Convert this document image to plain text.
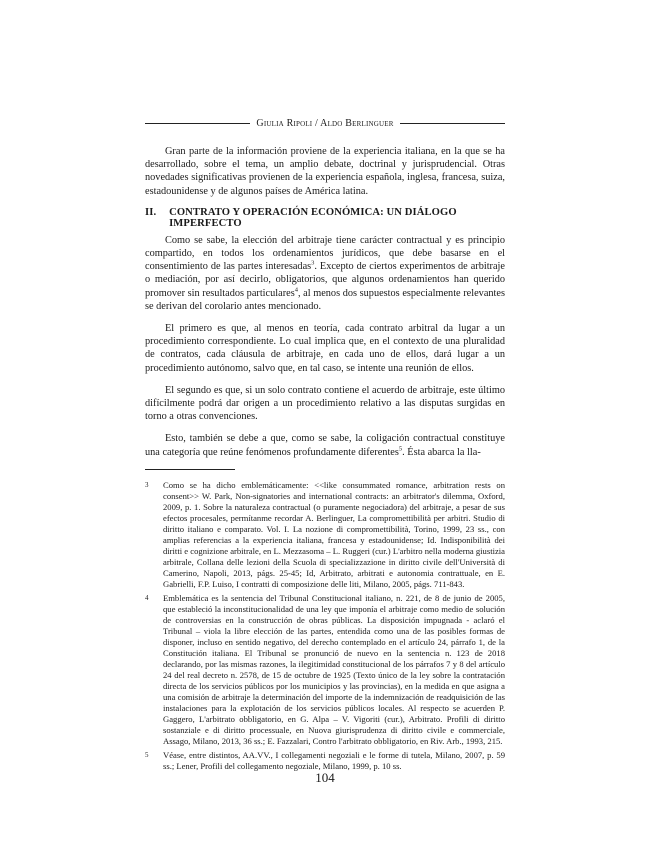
Giulia Ripoli / Aldo Berlinguer

Gran parte de la información proviene de la experiencia italiana, en la que se ha desarrollado, sobre el tema, un amplio debate, doctrinal y jurisprudencial. Otras novedades significativas provienen de la experiencia española, inglesa, francesa, suiza, estadounidense y de algunos países de América latina.

II.	CONTRATO Y OPERACIÓN ECONÓMICA: UN DIÁLOGO IMPERFECTO

Como se sabe, la elección del arbitraje tiene carácter contractual y es principio compartido, en todos los ordenamientos jurídicos, que debe basarse en el consentimiento de las partes interesadas$^3$. Excepto de ciertos experimentos de arbitraje o mediación, por así decirlo, obligatorios, que algunos ordenamientos han querido promover sin resultados particulares$^4$, al menos dos supuestos especialmente relevantes se derivan del corolario antes mencionado.

El primero es que, al menos en teoría, cada contrato arbitral da lugar a un procedimiento correspondiente. Lo cual implica que, en el contexto de una pluralidad de contratos, cada cláusula de arbitraje, en cada uno de ellos, dará lugar a un procedimiento autónomo, salvo que, en tal caso, se intente una reunión de ellos.

El segundo es que, si un solo contrato contiene el acuerdo de arbitraje, este último difícilmente podrá dar origen a un procedimiento relativo a las disputas surgidas en torno a otras convenciones.

Esto, también se debe a que, como se sabe, la coligación contractual constituye una categoría que reúne fenómenos profundamente diferentes$^5$. Ésta abarca la lla-

3	Como se ha dicho emblemáticamente: <<like consummated romance, arbitration rests on consent>> W. Park, Non-signatories and international contracts: an arbitrator's dilemma, Oxford, 2009, p. 1. Sobre la naturaleza contractual (o puramente negociadora) del arbitraje, a pesar de sus efectos procesales, permítanme recordar A. Berlinguer, La compromettibilità per arbitri. Studio di diritto italiano e comparato. Vol. I. La nozione di compromettibilità, Torino, 1999, 23 ss., con amplias referencias a la experiencia italiana, francesa y estadounidense; Id. Indisponibilità dei diritti e cognizione arbitrale, en L. Mezzasoma – L. Ruggeri (cur.) L'arbitro nella moderna giustizia arbitrale, Collana delle lezioni della Scuola di specializzazione in diritto civile dell'Università di Camerino, Napoli, 2013, págs. 25-45; Id, Arbitrato, arbitrati e autonomia contrattuale, en E. Gabrielli, F.P. Luiso, I contratti di composizione delle liti, Milano, 2005, págs. 711-843.
4	Emblemática es la sentencia del Tribunal Constitucional italiano, n. 221, de 8 de junio de 2005, que estableció la inconstitucionalidad de una ley que imponía el arbitraje como medio de solución de controversias en la construcción de obras públicas. La disposición impugnada - aclaró el Tribunal – viola la libre elección de las partes, entendida como una de las posibles formas de disponer, incluso en sentido negativo, del derecho contemplado en el artículo 24, párrafo 1, de la Constitución italiana. El Tribunal se pronunció de nuevo en la sentencia n. 123 de 2018 declarando, por las mismas razones, la ilegitimidad constitucional de los párrafos 7 y 8 del artículo 24 del real decreto n. 2578, de 15 de octubre de 1925 (Texto único de la ley sobre la contratación directa de los servicios públicos por los municipios y las provincias), en la medida en que asigna a una comisión de arbitraje la determinación del importe de la indemnización de readquisición de las instalaciones para la explotación de los servicios públicos locales. Al respecto se acuerden P. Gaggero, L'arbitrato obbligatorio, en G. Alpa – V. Vigoriti (cur.), Arbitrato. Profili di diritto sostanziale e di diritto processuale, en Nuova giurisprudenza di diritto civile e commerciale, Assago, Milano, 2013, 36 ss.; E. Fazzalari, Contro l'arbitrato obbligatorio, en Riv. Arb., 1993, 215.
5	Véase, entre distintos, AA.VV., I collegamenti negoziali e le forme di tutela, Milano, 2007, p. 59 ss.; Lener, Profili del collegamento negoziale, Milano, 1999, p. 10 ss.
104
